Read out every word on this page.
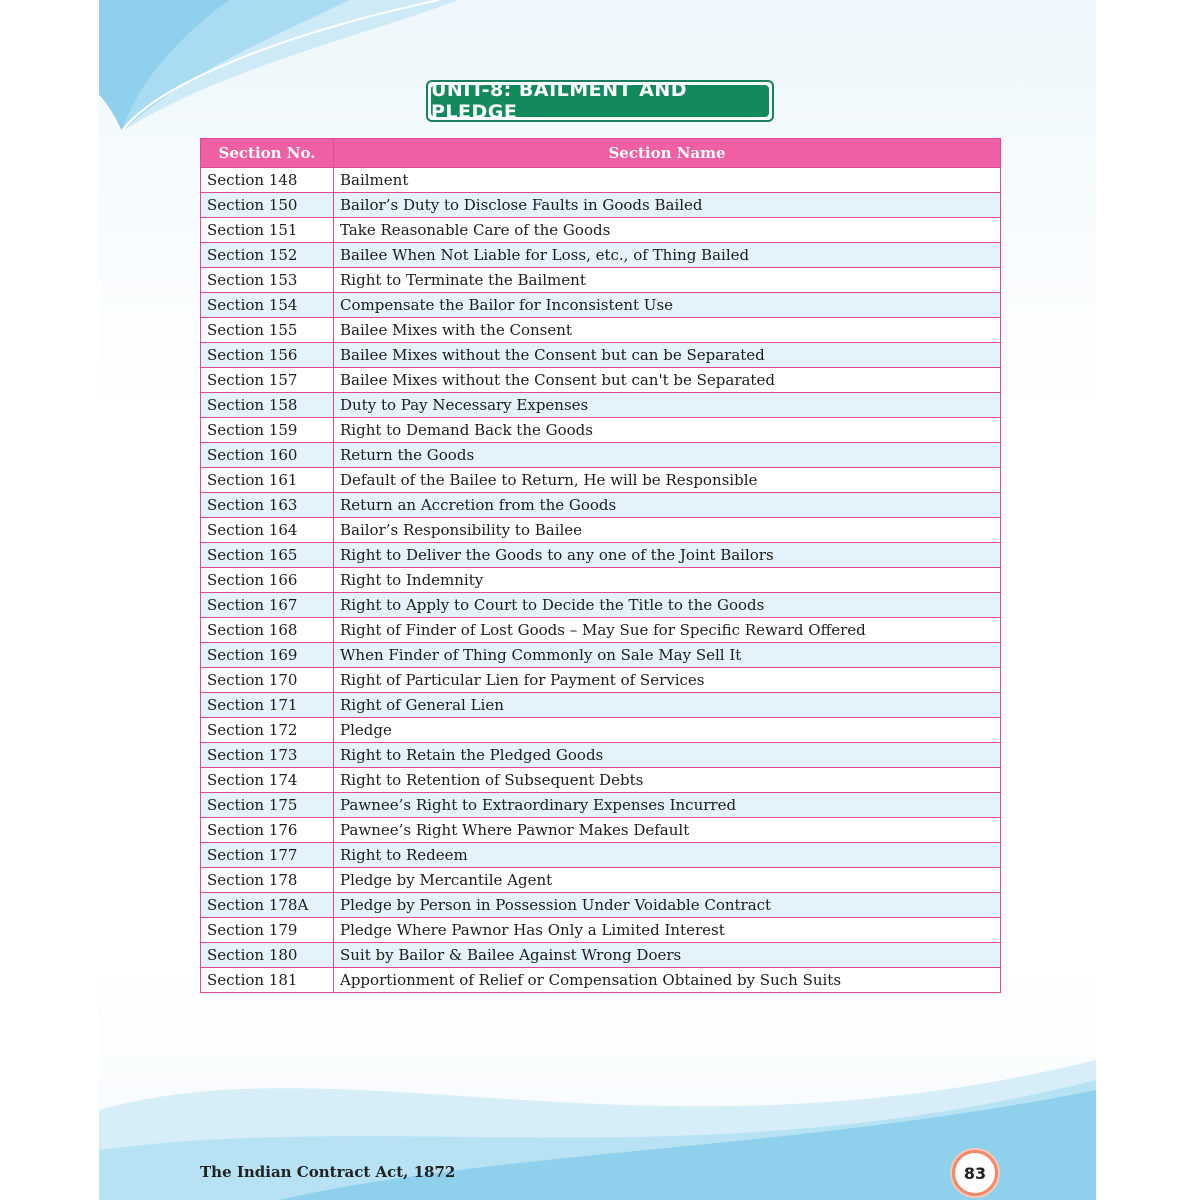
UNIT-8: BAILMENT AND PLEDGE
Section No.	Section Name
Section 148	Bailment
Section 150	Bailor’s Duty to Disclose Faults in Goods Bailed
Section 151	Take Reasonable Care of the Goods
Section 152	Bailee When Not Liable for Loss, etc., of Thing Bailed
Section 153	Right to Terminate the Bailment
Section 154	Compensate the Bailor for Inconsistent Use
Section 155	Bailee Mixes with the Consent
Section 156	Bailee Mixes without the Consent but can be Separated
Section 157	Bailee Mixes without the Consent but can't be Separated
Section 158	Duty to Pay Necessary Expenses
Section 159	Right to Demand Back the Goods
Section 160	Return the Goods
Section 161	Default of the Bailee to Return, He will be Responsible
Section 163	Return an Accretion from the Goods
Section 164	Bailor’s Responsibility to Bailee
Section 165	Right to Deliver the Goods to any one of the Joint Bailors
Section 166	Right to Indemnity
Section 167	Right to Apply to Court to Decide the Title to the Goods
Section 168	Right of Finder of Lost Goods – May Sue for Specific Reward Offered
Section 169	When Finder of Thing Commonly on Sale May Sell It
Section 170	Right of Particular Lien for Payment of Services
Section 171	Right of General Lien
Section 172	Pledge
Section 173	Right to Retain the Pledged Goods
Section 174	Right to Retention of Subsequent Debts
Section 175	Pawnee’s Right to Extraordinary Expenses Incurred
Section 176	Pawnee’s Right Where Pawnor Makes Default
Section 177	Right to Redeem
Section 178	Pledge by Mercantile Agent
Section 178A	Pledge by Person in Possession Under Voidable Contract
Section 179	Pledge Where Pawnor Has Only a Limited Interest
Section 180	Suit by Bailor & Bailee Against Wrong Doers
Section 181	Apportionment of Relief or Compensation Obtained by Such Suits
The Indian Contract Act, 1872	83
